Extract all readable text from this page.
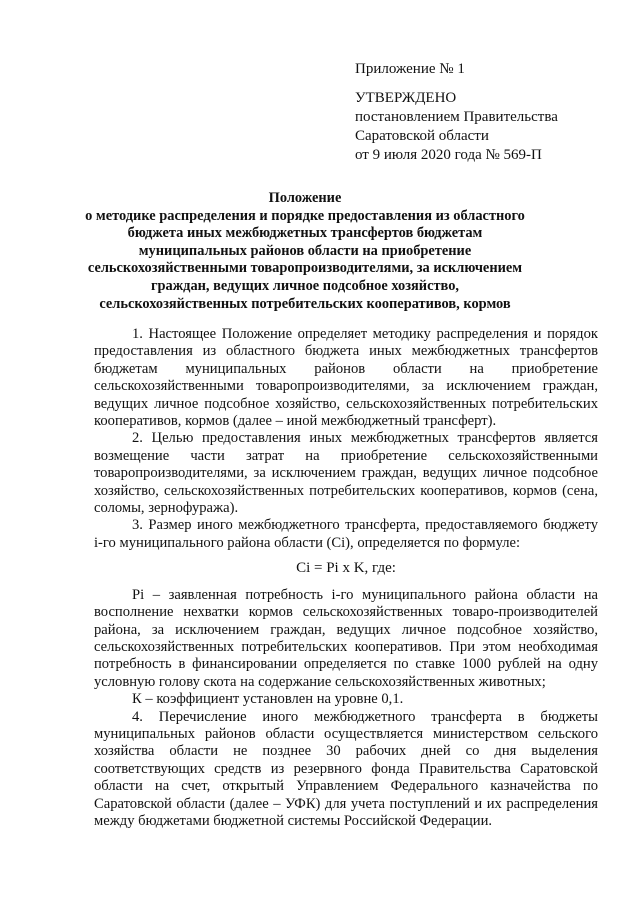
Приложение № 1
УТВЕРЖДЕНО
постановлением Правительства
Саратовской области
от 9 июля 2020 года № 569-П
Положение
о методике распределения и порядке предоставления из областного бюджета иных межбюджетных трансфертов бюджетам муниципальных районов области на приобретение сельскохозяйственными товаропроизводителями, за исключением граждан, ведущих личное подсобное хозяйство, сельскохозяйственных потребительских кооперативов, кормов

1. Настоящее Положение определяет методику распределения и порядок предоставления из областного бюджета иных межбюджетных трансфертов бюджетам муниципальных районов области на приобретение сельскохозяйственными товаропроизводителями, за исключением граждан, ведущих личное подсобное хозяйство, сельскохозяйственных потребительских кооперативов, кормов (далее – иной межбюджетный трансферт).

2. Целью предоставления иных межбюджетных трансфертов является возмещение части затрат на приобретение сельскохозяйственными товаропроизводителями, за исключением граждан, ведущих личное подсобное хозяйство, сельскохозяйственных потребительских кооперативов, кормов (сена, соломы, зернофуража).

3. Размер иного межбюджетного трансферта, предоставляемого бюджету i-го муниципального района области (Ci), определяется по формуле:

Ci = Pi x K, где:

Pi – заявленная потребность i-го муниципального района области на восполнение нехватки кормов сельскохозяйственных товаро-производителей района, за исключением граждан, ведущих личное подсобное хозяйство, сельскохозяйственных потребительских кооперативов. При этом необходимая потребность в финансировании определяется по ставке 1000 рублей на одну условную голову скота на содержание сельскохозяйственных животных;

К – коэффициент установлен на уровне 0,1.

4. Перечисление иного межбюджетного трансферта в бюджеты муниципальных районов области осуществляется министерством сельского хозяйства области не позднее 30 рабочих дней со дня выделения соответствующих средств из резервного фонда Правительства Саратовской области на счет, открытый Управлением Федерального казначейства по Саратовской области (далее – УФК) для учета поступлений и их распределения между бюджетами бюджетной системы Российской Федерации.
